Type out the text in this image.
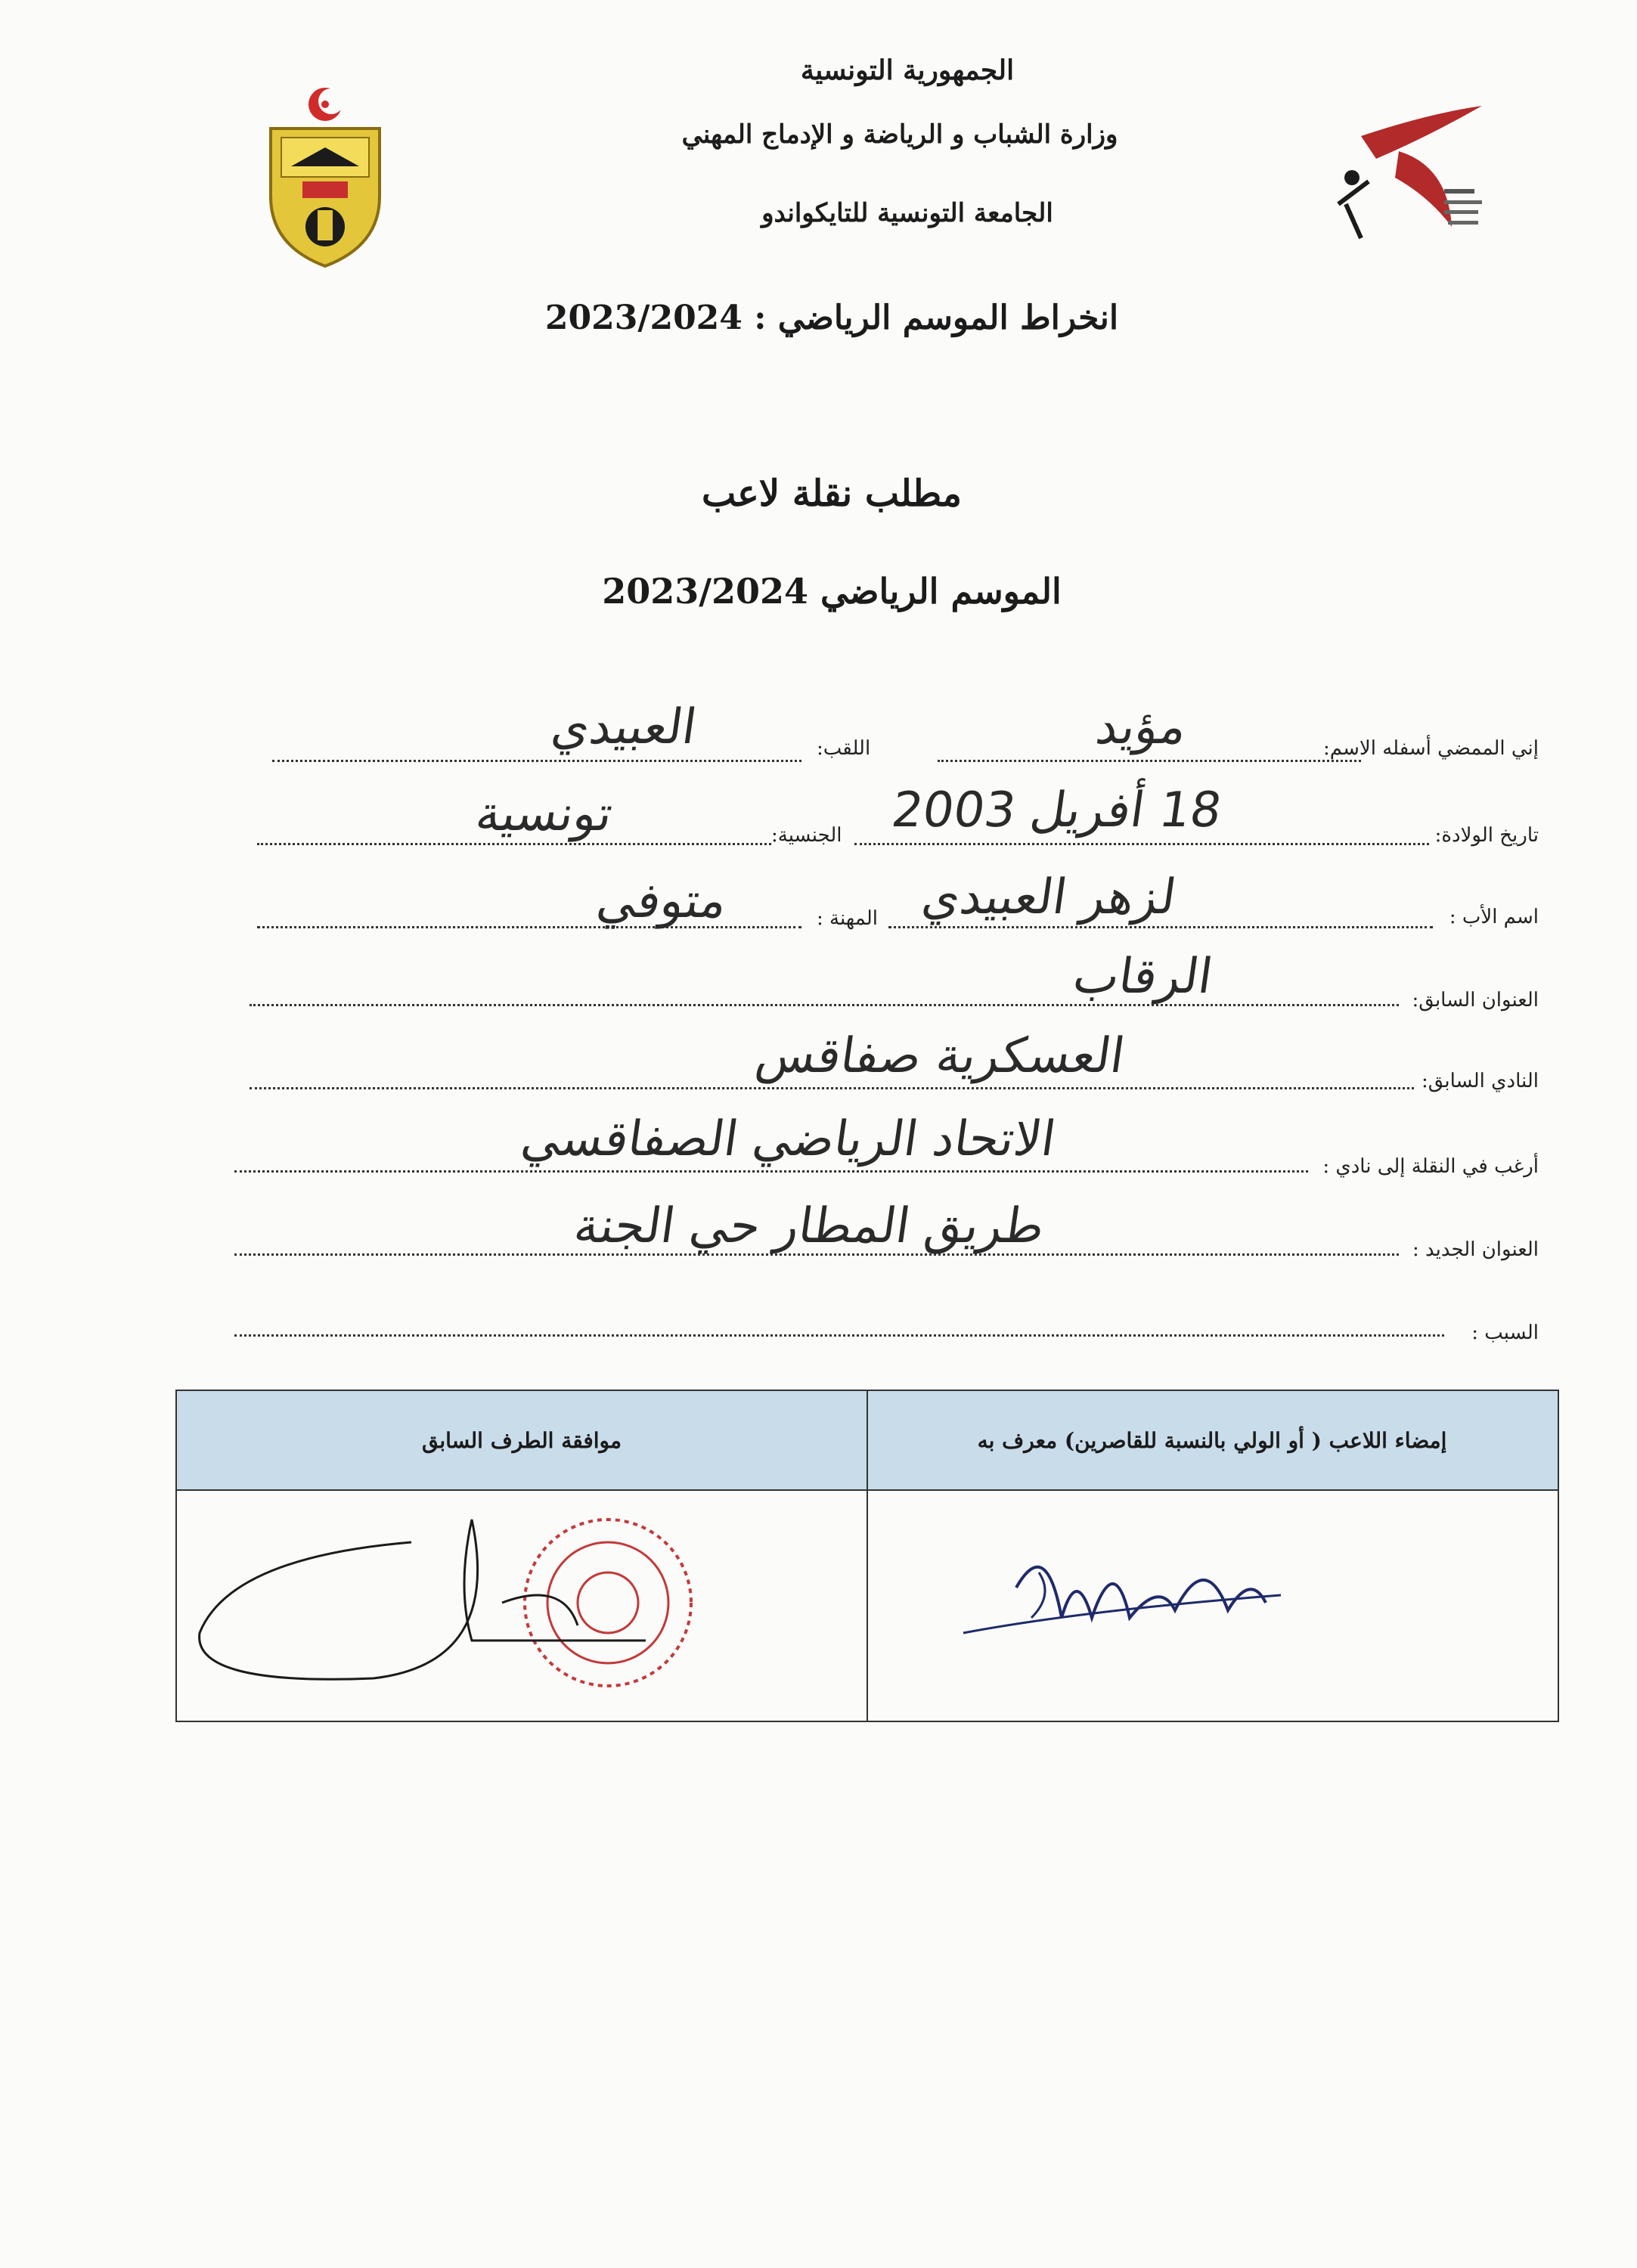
الجمهورية التونسية
وزارة الشباب و الرياضة و الإدماج المهني
الجامعة التونسية للتايكواندو
انخراط الموسم الرياضي : 2023/2024
مطلب نقلة لاعب
الموسم الرياضي 2023/2024
إني الممضي أسفله الاسم:
مؤيد
اللقب:
العبيدي
تاريخ الولادة:
18 أفريل 2003
الجنسية:
تونسية
اسم الأب :
لزهر العبيدي
المهنة :
متوفي
العنوان السابق:
الرقاب
النادي السابق:
العسكرية صفاقس
أرغب في النقلة إلى نادي :
الاتحاد الرياضي الصفاقسي
العنوان الجديد :
طريق المطار حي الجنة
السبب :
إمضاء اللاعب ( أو الولي بالنسبة للقاصرين) معرف به
موافقة الطرف السابق
